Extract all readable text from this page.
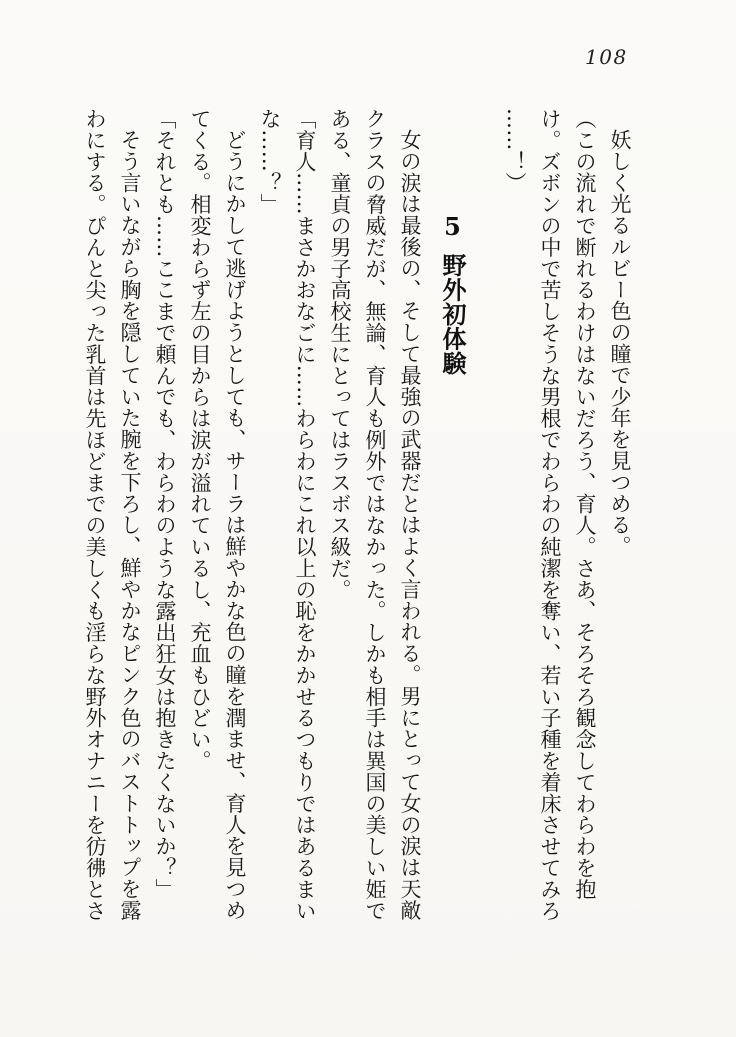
108
妖しく光るルビー色の瞳で少年を見つめる。
（この流れで断れるわけはないだろう、育人。さあ、そろそろ観念してわらわを抱
け。ズボンの中で苦しそうな男根でわらわの純潔を奪い、若い子種を着床させてみろ
……！）
5野外初体験
女の涙は最後の、そして最強の武器だとはよく言われる。男にとって女の涙は天敵
クラスの脅威だが、無論、育人も例外ではなかった。しかも相手は異国の美しい姫で
ある、童貞の男子高校生にとってはラスボス級だ。
「育人……まさかおなごに……わらわにこれ以上の恥をかかせるつもりではあるまい
な……？」
どうにかして逃げようとしても、サーラは鮮やかな色の瞳を潤ませ、育人を見つめ
てくる。相変わらず左の目からは涙が溢れているし、充血もひどい。
「それとも……ここまで頼んでも、わらわのような露出狂女は抱きたくないか？」
そう言いながら胸を隠していた腕を下ろし、鮮やかなピンク色のバストトップを露
わにする。ぴんと尖った乳首は先ほどまでの美しくも淫らな野外オナニーを彷彿とさ
